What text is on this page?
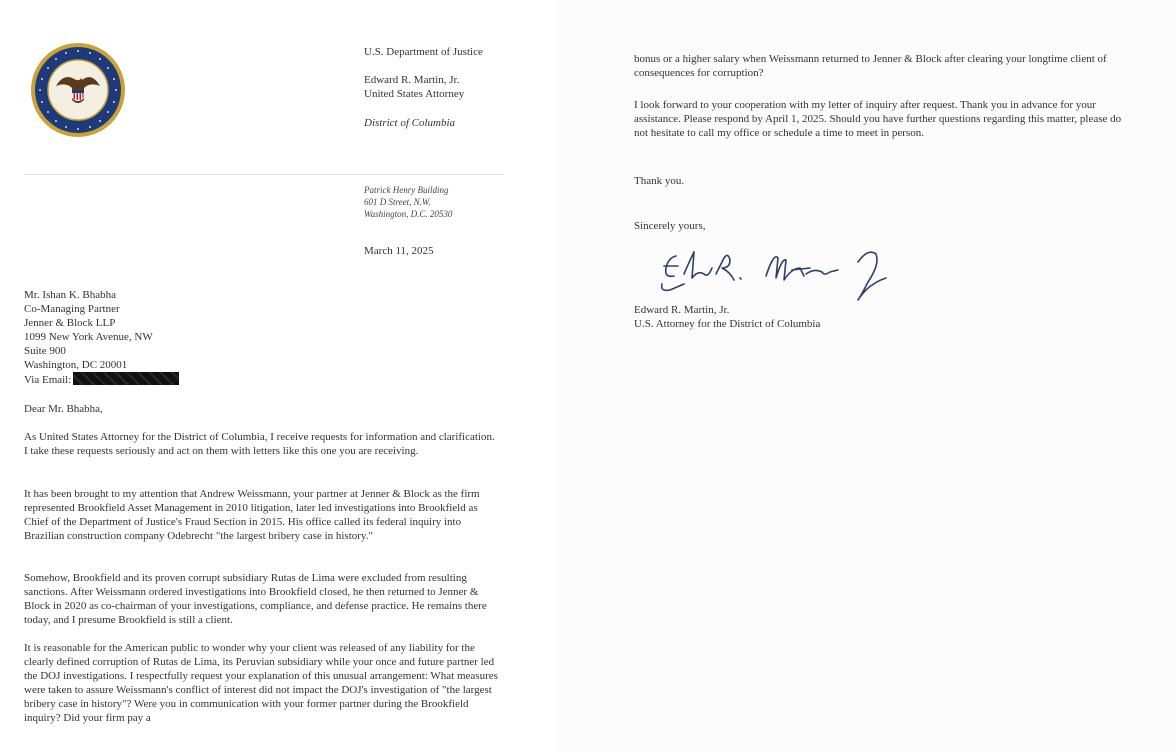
U.S. Department of Justice
Edward R. Martin, Jr.
United States Attorney
District of Columbia
Patrick Henry Building
601 D Street, N.W.
Washington, D.C. 20530
March 11, 2025
Mr. Ishan K. Bhabha
Co-Managing Partner
Jenner & Block LLP
1099 New York Avenue, NW
Suite 900
Washington, DC 20001
Via Email:
Dear Mr. Bhabha,

As United States Attorney for the District of Columbia, I receive requests for information and clarification. I take these requests seriously and act on them with letters like this one you are receiving.

It has been brought to my attention that Andrew Weissmann, your partner at Jenner & Block as the firm represented Brookfield Asset Management in 2010 litigation, later led investigations into Brookfield as Chief of the Department of Justice's Fraud Section in 2015. His office called its federal inquiry into Brazilian construction company Odebrecht "the largest bribery case in history."

Somehow, Brookfield and its proven corrupt subsidiary Rutas de Lima were excluded from resulting sanctions. After Weissmann ordered investigations into Brookfield closed, he then returned to Jenner & Block in 2020 as co-chairman of your investigations, compliance, and defense practice. He remains there today, and I presume Brookfield is still a client.

It is reasonable for the American public to wonder why your client was released of any liability for the clearly defined corruption of Rutas de Lima, its Peruvian subsidiary while your once and future partner led the DOJ investigations. I respectfully request your explanation of this unusual arrangement: What measures were taken to assure Weissmann's conflict of interest did not impact the DOJ's investigation of "the largest bribery case in history"? Were you in communication with your former partner during the Brookfield inquiry? Did your firm pay a

bonus or a higher salary when Weissmann returned to Jenner & Block after clearing your longtime client of consequences for corruption?

I look forward to your cooperation with my letter of inquiry after request. Thank you in advance for your assistance. Please respond by April 1, 2025. Should you have further questions regarding this matter, please do not hesitate to call my office or schedule a time to meet in person.

Thank you.
Sincerely yours,
Edward R. Martin, Jr.
U.S. Attorney for the District of Columbia
